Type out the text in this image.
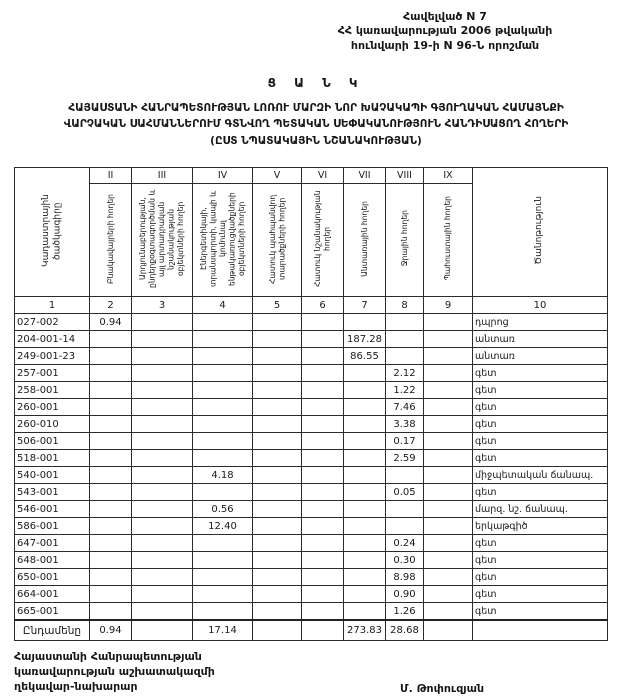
Հավելված N 7
ՀՀ կառավարության 2006 թվականի
հունվարի 19-ի N 96-Ն որոշման
Ց Ա Ն Կ
ՀԱՅԱՍՏԱՆԻ ՀԱՆՐԱՊԵՏՈՒԹՅԱՆ ԼՈՌՈՒ ՄԱՐԶԻ ՆՈՐ ԽԱՉԱԿԱՊԻ ԳՅՈՒՂԱԿԱՆ ՀԱՄԱՅՆՔԻ
ՎԱՐՉԱԿԱՆ ՍԱՀՄԱՆՆԵՐՈՒՄ ԳՏՆՎՈՂ ՊԵՏԱԿԱՆ ՍԵՓԱԿԱՆՈՒԹՅՈՒՆ ՀԱՆԴԻՍԱՑՈՂ ՀՈՂԵՐԻ
(ԸՍՏ ՆՊԱՏԱԿԱՅԻՆ ՆՇԱՆԱԿՈՒԹՅԱՆ)
Կադաստրային ծածկագիրը	II	III	IV	V	VI	VII	VIII	IX	Ծանոթություն
	Բնակավայրերի հողեր	Արդյունաբերության, ընդերքօգտագործման և այլ արտադրական նշանակության օբյեկտների հողեր	Էներգետիկայի, տրանսպորտի, կապի և կոմունալ ենթակառուցվածքների օբյեկտների հողեր	Հատուկ պահպանվող տարածքների հողեր	Հատուկ նշանակության հողեր	Անտառային հողեր	Ջրային հողեր	Պահուստային հողեր	
1	2	3	4	5	6	7	8	9	10
027-002	0.94								դպրոց
204-001-14						187.28			անտառ
249-001-23						86.55			անտառ
257-001							2.12		գետ
258-001							1.22		գետ
260-001							7.46		գետ
260-010							3.38		գետ
506-001							0.17		գետ
518-001							2.59		գետ
540-001			4.18						միջպետական ճանապ.
543-001							0.05		գետ
546-001			0.56						մարզ. նշ. ճանապ.
586-001			12.40						երկաթգիծ
647-001							0.24		գետ
648-001							0.30		գետ
650-001							8.98		գետ
664-001							0.90		գետ
665-001							1.26		գետ
Ընդամենը	0.94		17.14			273.83	28.68		
Հայաստանի Հանրապետության
կառավարության աշխատակազմի
ղեկավար-նախարար	Մ. Թոփուզյան
